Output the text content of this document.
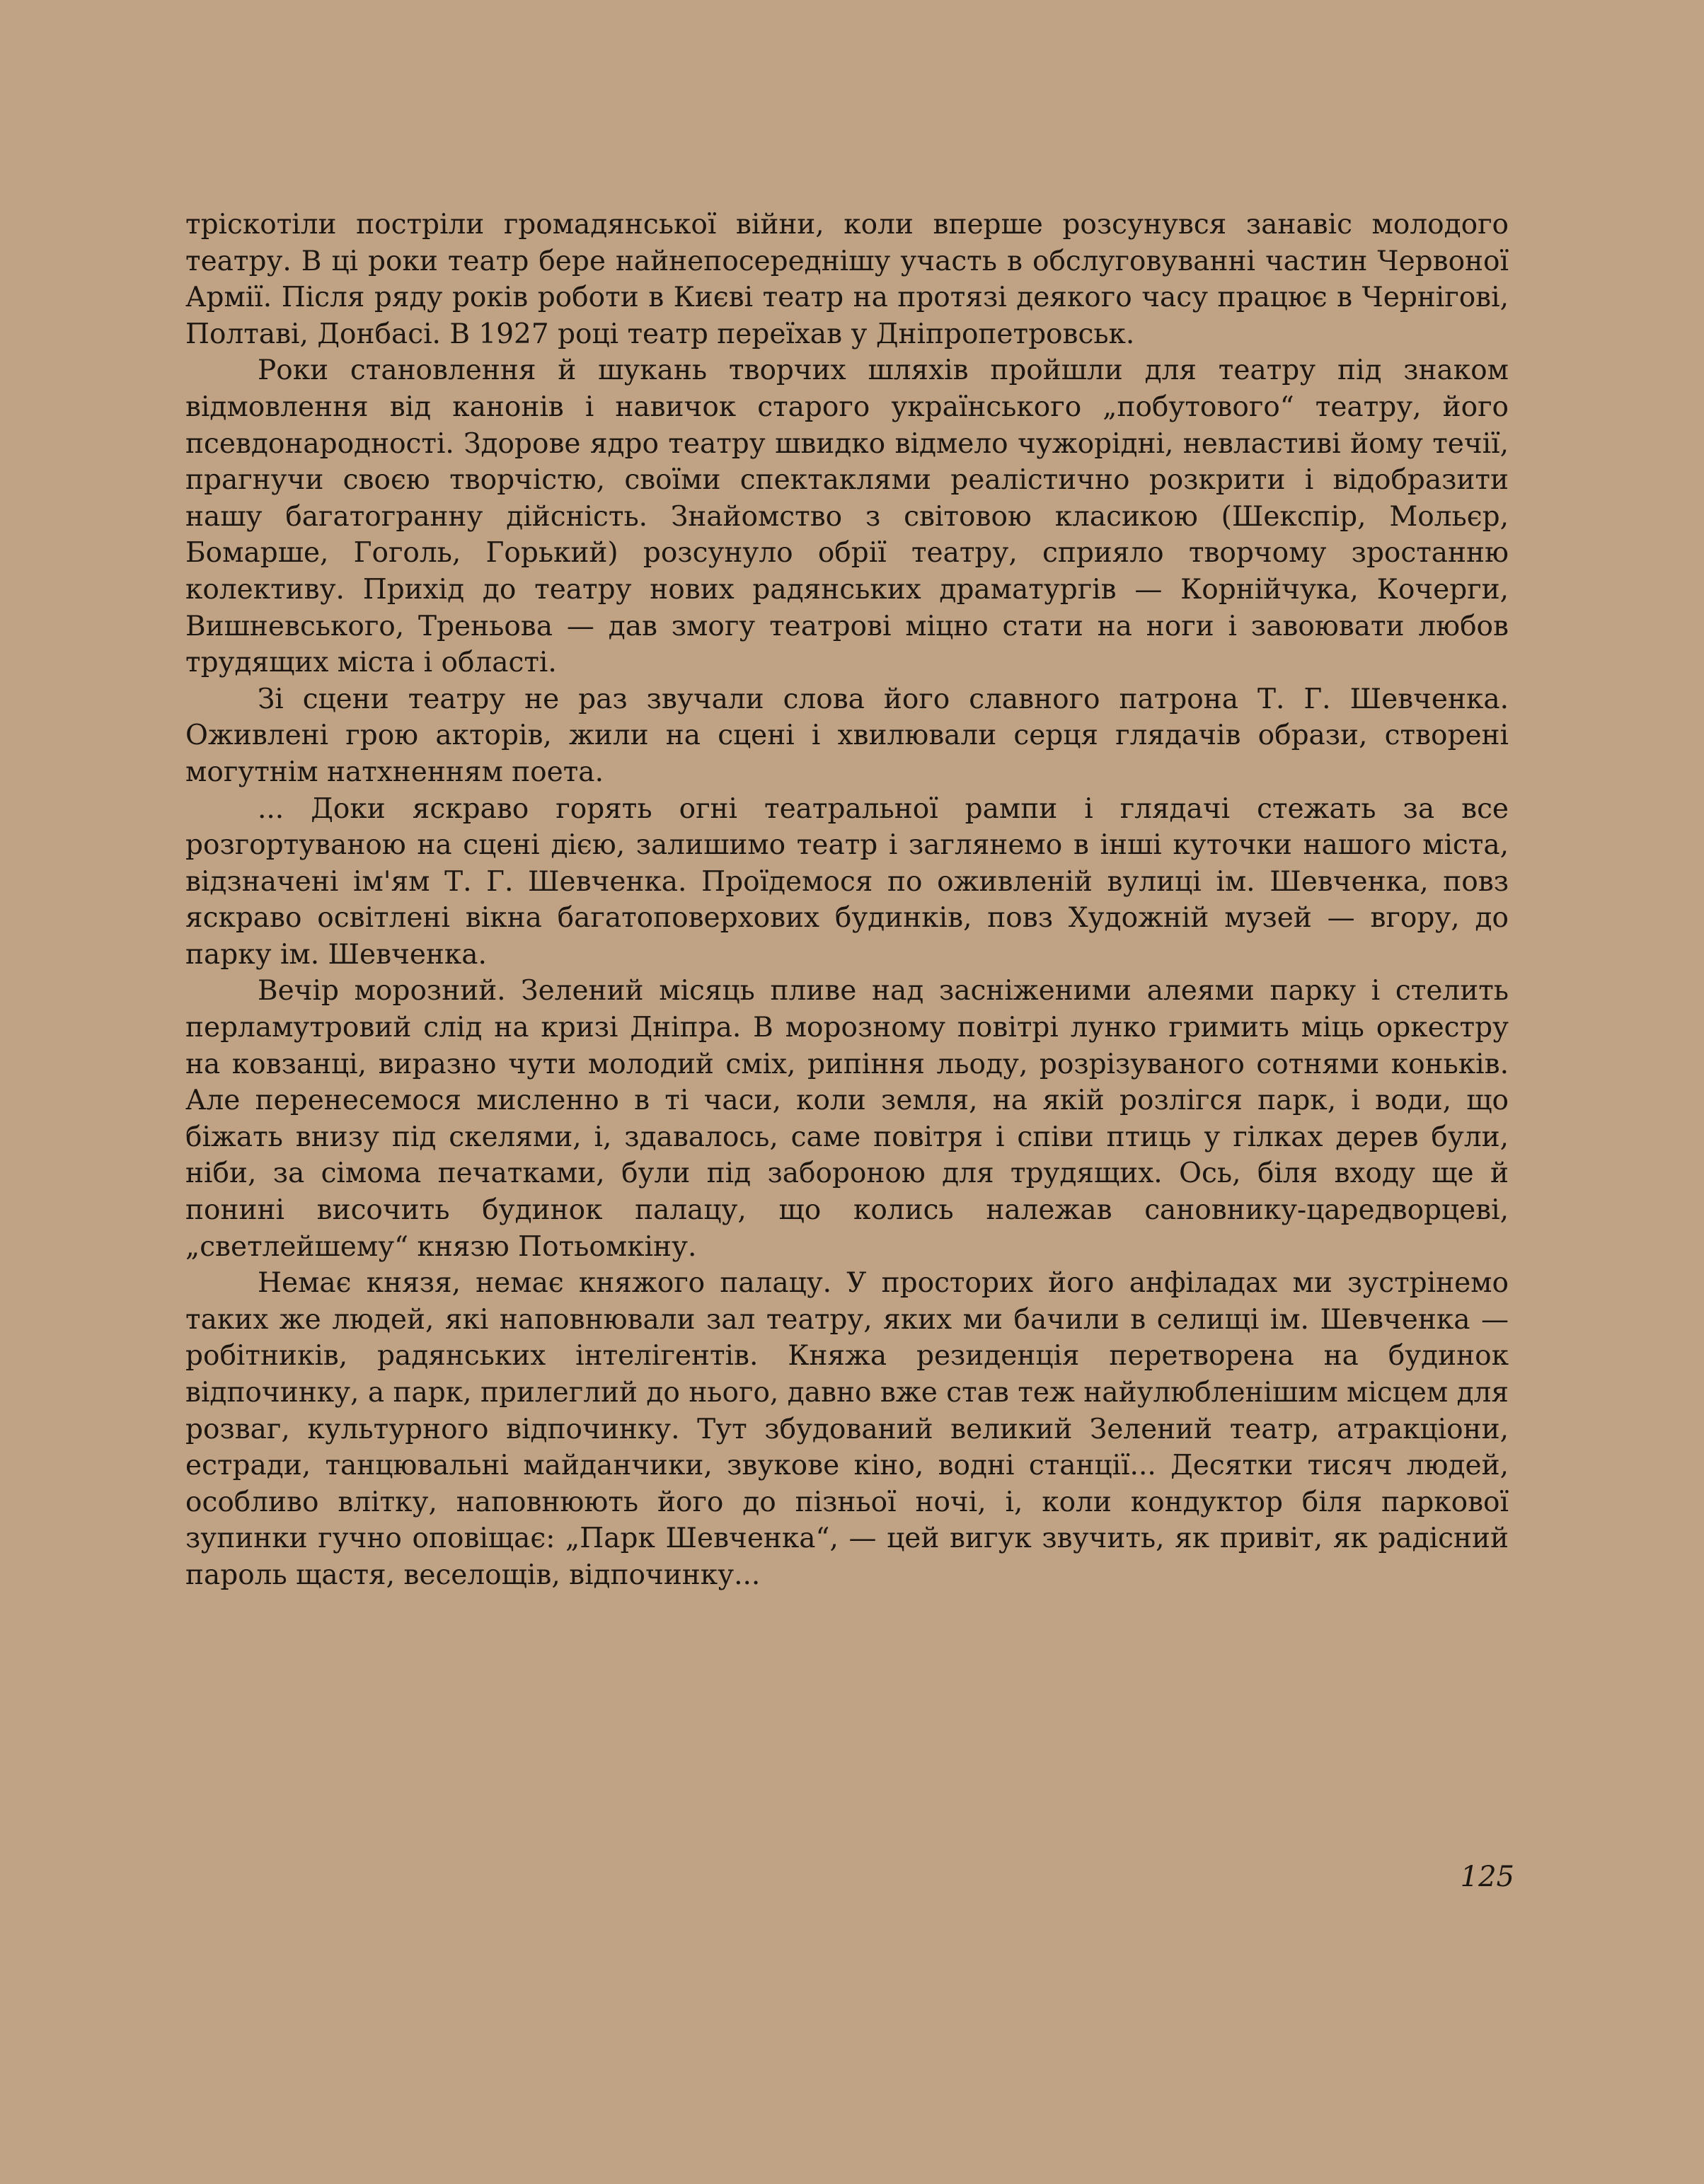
тріскотіли постріли громадянської війни, коли вперше розсунувся занавіс молодого театру. В ці роки театр бере найнепосереднішу участь в обслуговуванні частин Червоної Армії. Після ряду років роботи в Києві театр на протязі деякого часу працює в Чернігові, Полтаві, Донбасі. В 1927 році театр переїхав у Дніпропетровськ.

Роки становлення й шукань творчих шляхів пройшли для театру під знаком відмовлення від канонів і навичок старого українського „побутового“ театру, його псевдонародності. Здорове ядро театру швидко відмело чужорідні, невластиві йому течії, прагнучи своєю творчістю, своїми спектаклями реалістично розкрити і відобразити нашу багатогранну дійсність. Знайомство з світовою класикою (Шекспір, Мольєр, Бомарше, Гоголь, Горький) розсунуло обрії театру, сприяло творчому зростанню колективу. Прихід до театру нових радянських драматургів — Корнійчука, Кочерги, Вишневського, Треньова — дав змогу театрові міцно стати на ноги і завоювати любов трудящих міста і області.

Зі сцени театру не раз звучали слова його славного патрона Т. Г. Шевченка. Оживлені грою акторів, жили на сцені і хвилювали серця глядачів образи, створені могутнім натхненням поета.

... Доки яскраво горять огні театральної рампи і глядачі стежать за все розгортуваною на сцені дією, залишимо театр і заглянемо в інші куточки нашого міста, відзначені ім'ям Т. Г. Шевченка. Проїдемося по оживленій вулиці ім. Шевченка, повз яскраво освітлені вікна багатоповерхових будинків, повз Художній музей — вгору, до парку ім. Шевченка.

Вечір морозний. Зелений місяць пливе над засніженими алеями парку і стелить перламутровий слід на кризі Дніпра. В морозному повітрі лунко гримить міць оркестру на ковзанці, виразно чути молодий сміх, рипіння льоду, розрізуваного сотнями коньків. Але перенесемося мисленно в ті часи, коли земля, на якій розлігся парк, і води, що біжать внизу під скелями, і, здавалось, саме повітря і співи птиць у гілках дерев були, ніби, за сімома печатками, були під забороною для трудящих. Ось, біля входу ще й понині височить будинок палацу, що колись належав сановнику-царедворцеві, „светлейшему“ князю Потьомкіну.

Немає князя, немає княжого палацу. У просторих його анфіладах ми зустрінемо таких же людей, які наповнювали зал театру, яких ми бачили в селищі ім. Шевченка — робітників, радянських інтелігентів. Княжа резиденція перетворена на будинок відпочинку, а парк, прилеглий до нього, давно вже став теж найулюбленішим місцем для розваг, культурного відпочинку. Тут збудований великий Зелений театр, атракціони, естради, танцювальні майданчики, звукове кіно, водні станції... Десятки тисяч людей, особливо влітку, наповнюють його до пізньої ночі, і, коли кондуктор біля паркової зупинки гучно оповіщає: „Парк Шевченка“, — цей вигук звучить, як привіт, як радісний пароль щастя, веселощів, відпочинку...

125
